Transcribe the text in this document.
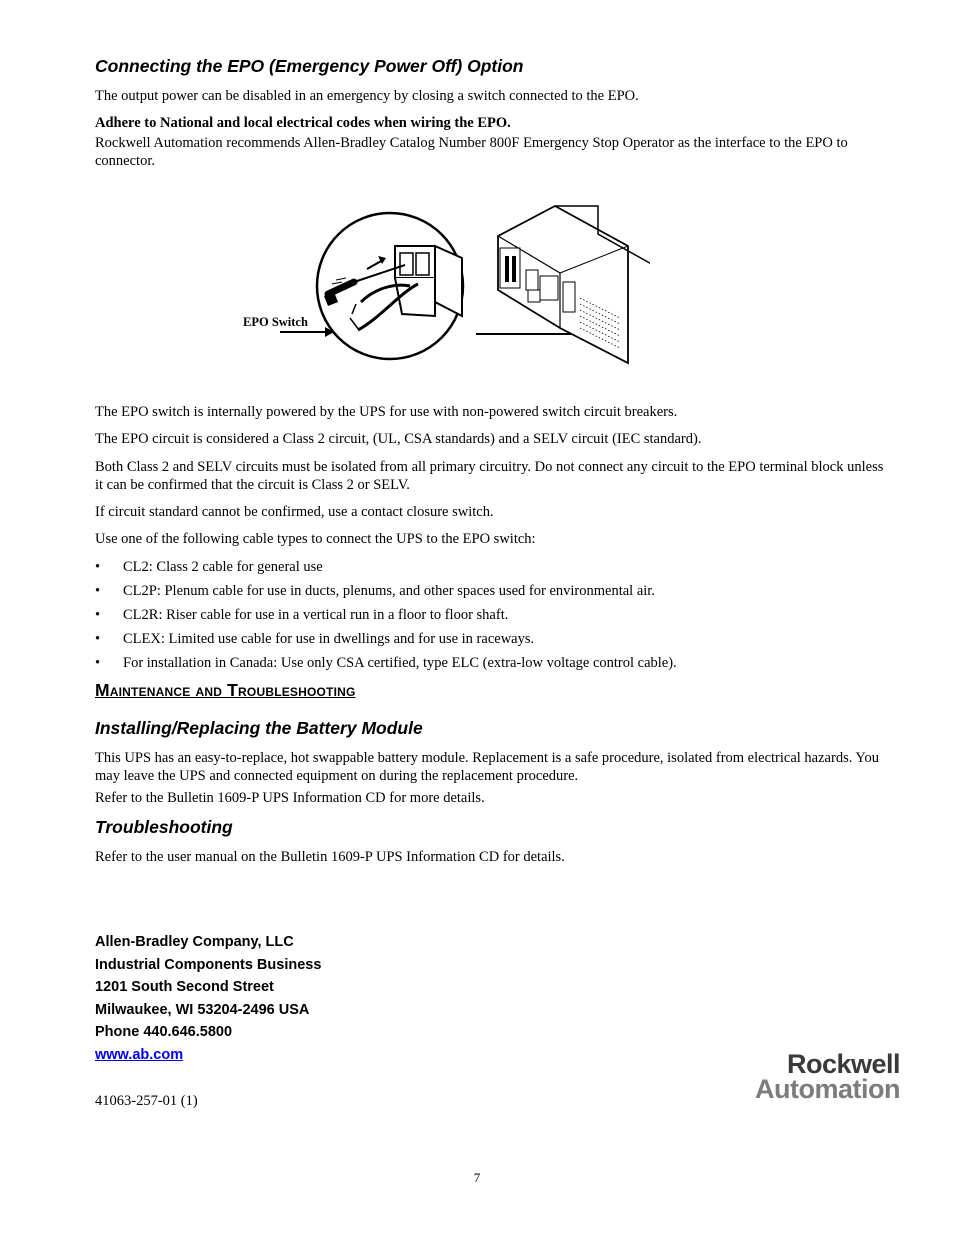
Connecting the EPO (Emergency Power Off) Option
The output power can be disabled in an emergency by closing a switch connected to the EPO.
Adhere to National and local electrical codes when wiring the EPO.
Rockwell Automation recommends Allen-Bradley Catalog Number 800F Emergency Stop Operator as the interface to the EPO to connector.
EPO Switch
The EPO switch is internally powered by the UPS for use with non-powered switch circuit breakers.
The EPO circuit is considered a Class 2 circuit, (UL, CSA standards) and a SELV circuit (IEC standard).
Both Class 2 and SELV circuits must be isolated from all primary circuitry. Do not connect any circuit to the EPO terminal block unless it can be confirmed that the circuit is Class 2 or SELV.
If circuit standard cannot be confirmed, use a contact closure switch.
Use one of the following cable types to connect the UPS to the EPO switch:
• CL2: Class 2 cable for general use
• CL2P: Plenum cable for use in ducts, plenums, and other spaces used for environmental air.
• CL2R: Riser cable for use in a vertical run in a floor to floor shaft.
• CLEX: Limited use cable for use in dwellings and for use in raceways.
• For installation in Canada: Use only CSA certified, type ELC (extra-low voltage control cable).
Maintenance and Troubleshooting
Installing/Replacing the Battery Module
This UPS has an easy-to-replace, hot swappable battery module. Replacement is a safe procedure, isolated from electrical hazards. You may leave the UPS and connected equipment on during the replacement procedure.
Refer to the Bulletin 1609-P UPS Information CD for more details.
Troubleshooting
Refer to the user manual on the Bulletin 1609-P UPS Information CD for details.
Allen-Bradley Company, LLC
Industrial Components Business
1201 South Second Street
Milwaukee, WI 53204-2496 USA
Phone 440.646.5800
www.ab.com
41063-257-01 (1)
Rockwell
Automation
7
